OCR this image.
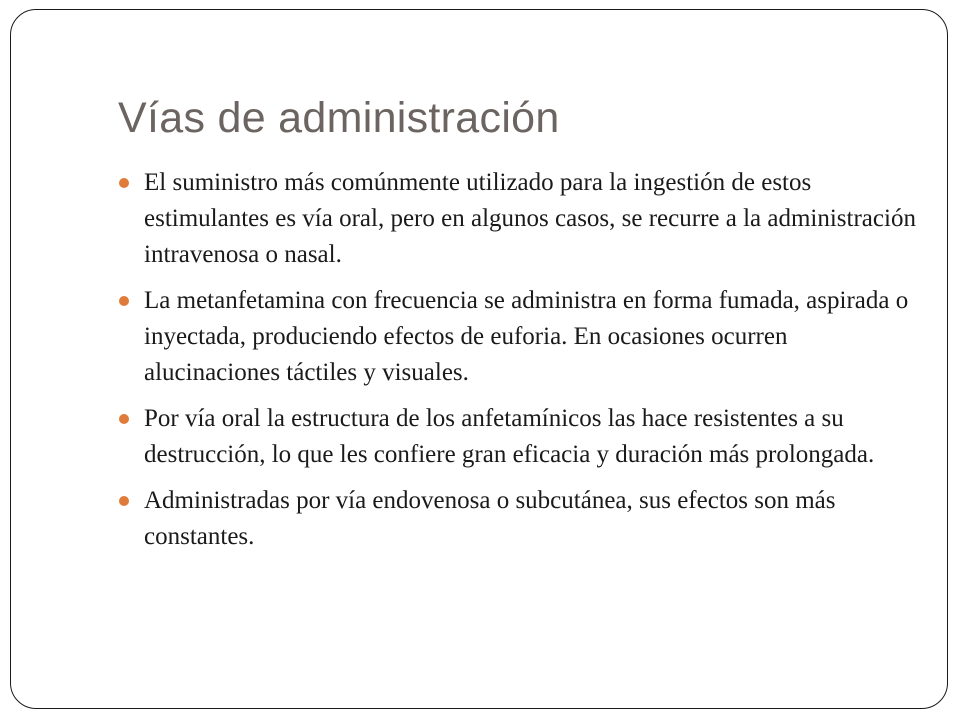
Vías de administración
El suministro más comúnmente utilizado para la ingestión de estos estimulantes es vía oral, pero en algunos casos, se recurre a la administración intravenosa o nasal.
La metanfetamina con frecuencia se administra en forma fumada, aspirada o inyectada, produciendo efectos de euforia. En ocasiones ocurren alucinaciones táctiles y visuales.
Por vía oral la estructura de los anfetamínicos las hace resistentes a su destrucción, lo que les confiere gran eficacia y duración más prolongada.
Administradas por vía endovenosa o subcutánea, sus efectos son más constantes.
